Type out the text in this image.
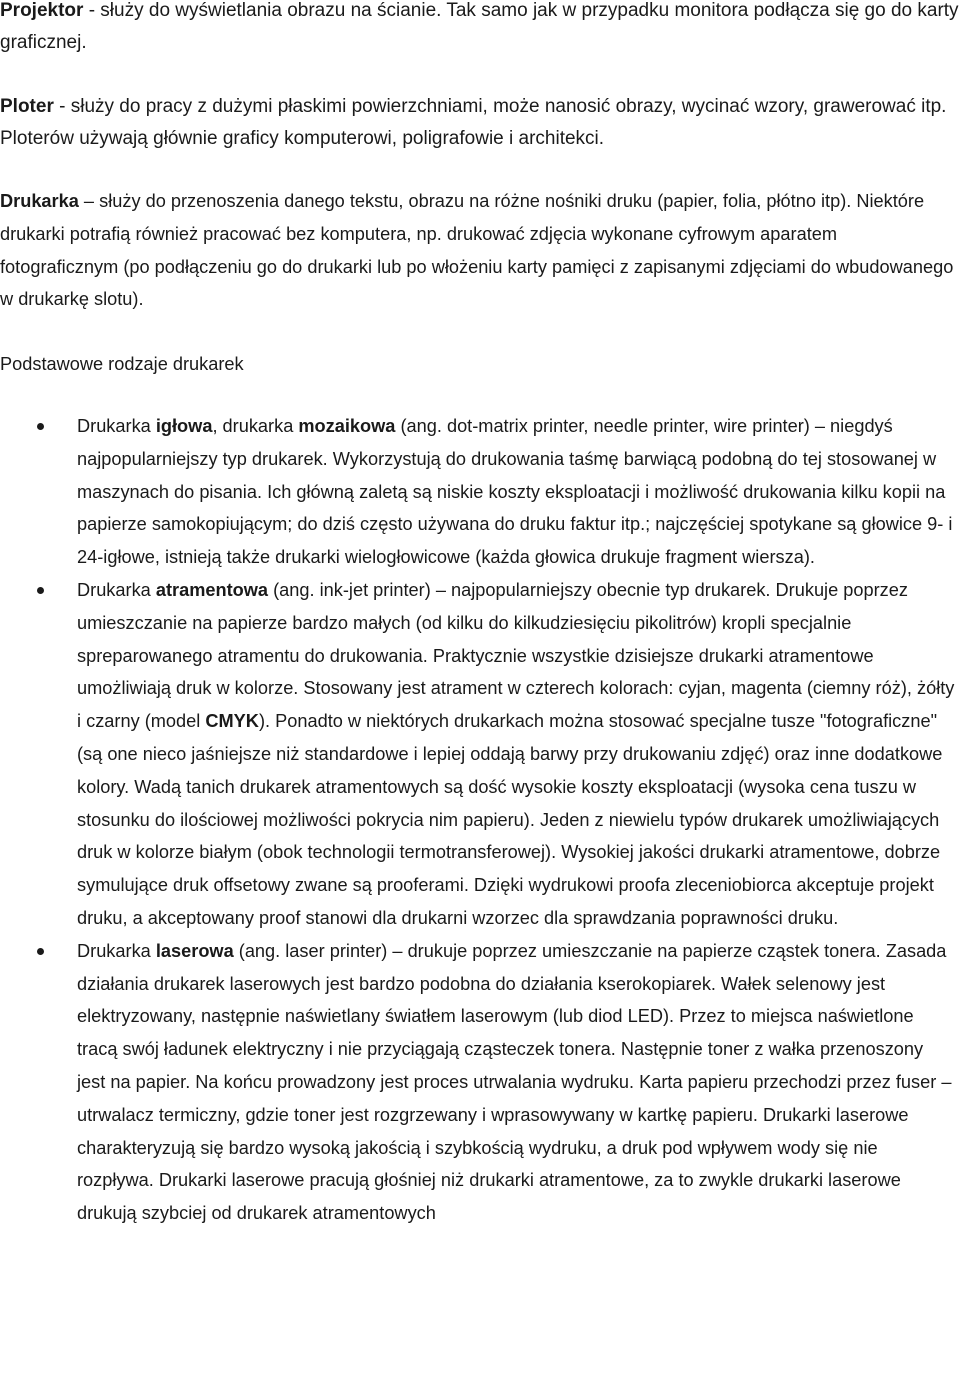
Projektor - służy do wyświetlania obrazu na ścianie. Tak samo jak w przypadku monitora podłącza się go do karty graficznej.

Ploter - służy do pracy z dużymi płaskimi powierzchniami, może nanosić obrazy, wycinać wzory, grawerować itp. Ploterów używają głównie graficy komputerowi, poligrafowie i architekci.

Drukarka – służy do przenoszenia danego tekstu, obrazu na różne nośniki druku (papier, folia, płótno itp). Niektóre drukarki potrafią również pracować bez komputera, np. drukować zdjęcia wykonane cyfrowym aparatem fotograficznym (po podłączeniu go do drukarki lub po włożeniu karty pamięci z zapisanymi zdjęciami do wbudowanego w drukarkę slotu).

Podstawowe rodzaje drukarek

Drukarka igłowa, drukarka mozaikowa (ang. dot-matrix printer, needle printer, wire printer) – niegdyś najpopularniejszy typ drukarek. Wykorzystują do drukowania taśmę barwiącą podobną do tej stosowanej w maszynach do pisania. Ich główną zaletą są niskie koszty eksploatacji i możliwość drukowania kilku kopii na papierze samokopiującym; do dziś często używana do druku faktur itp.; najczęściej spotykane są głowice 9- i 24-igłowe, istnieją także drukarki wielogłowicowe (każda głowica drukuje fragment wiersza).
Drukarka atramentowa (ang. ink-jet printer) – najpopularniejszy obecnie typ drukarek. Drukuje poprzez umieszczanie na papierze bardzo małych (od kilku do kilkudziesięciu pikolitrów) kropli specjalnie spreparowanego atramentu do drukowania. Praktycznie wszystkie dzisiejsze drukarki atramentowe umożliwiają druk w kolorze. Stosowany jest atrament w czterech kolorach: cyjan, magenta (ciemny róż), żółty i czarny (model CMYK). Ponadto w niektórych drukarkach można stosować specjalne tusze "fotograficzne" (są one nieco jaśniejsze niż standardowe i lepiej oddają barwy przy drukowaniu zdjęć) oraz inne dodatkowe kolory. Wadą tanich drukarek atramentowych są dość wysokie koszty eksploatacji (wysoka cena tuszu w stosunku do ilościowej możliwości pokrycia nim papieru). Jeden z niewielu typów drukarek umożliwiających druk w kolorze białym (obok technologii termotransferowej). Wysokiej jakości drukarki atramentowe, dobrze symulujące druk offsetowy zwane są prooferami. Dzięki wydrukowi proofa zleceniobiorca akceptuje projekt druku, a akceptowany proof stanowi dla drukarni wzorzec dla sprawdzania poprawności druku.
Drukarka laserowa (ang. laser printer) – drukuje poprzez umieszczanie na papierze cząstek tonera. Zasada działania drukarek laserowych jest bardzo podobna do działania kserokopiarek. Wałek selenowy jest elektryzowany, następnie naświetlany światłem laserowym (lub diod LED). Przez to miejsca naświetlone tracą swój ładunek elektryczny i nie przyciągają cząsteczek tonera. Następnie toner z wałka przenoszony jest na papier. Na końcu prowadzony jest proces utrwalania wydruku. Karta papieru przechodzi przez fuser – utrwalacz termiczny, gdzie toner jest rozgrzewany i wprasowywany w kartkę papieru. Drukarki laserowe charakteryzują się bardzo wysoką jakością i szybkością wydruku, a druk pod wpływem wody się nie rozpływa. Drukarki laserowe pracują głośniej niż drukarki atramentowe, za to zwykle drukarki laserowe drukują szybciej od drukarek atramentowych
